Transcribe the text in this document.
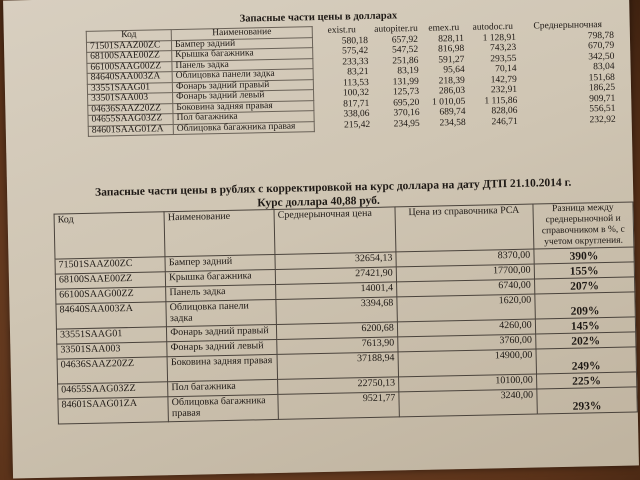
Запасные части цены в долларах
Код	Наименование	exist.ru	autopiter.ru	emex.ru	autodoc.ru	Среднерыночная
71501SAAZ00ZC	Бампер задний	580,18	657,92	828,11	1 128,91	798,78
68100SAAE00ZZ	Крышка багажника	575,42	547,52	816,98	743,23	670,79
66100SAAG00ZZ	Панель задка	233,33	251,86	591,27	293,55	342,50
84640SAA003ZA	Облицовка панели задка	83,21	83,19	95,64	70,14	83,04
33551SAAG01	Фонарь задний правый	113,53	131,99	218,39	142,79	151,68
33501SAA003	Фонарь задний левый	100,32	125,73	286,03	232,91	186,25
04636SAAZ20ZZ	Боковина задняя правая	817,71	695,20	1 010,05	1 115,86	909,71
04655SAAG03ZZ	Пол багажника	338,06	370,16	689,74	828,06	556,51
84601SAAG01ZA	Облицовка багажника правая	215,42	234,95	234,58	246,71	232,92
Запасные части цены в рублях с корректировкой на курс доллара на дату ДТП 21.10.2014 г.
Курс доллара 40,88 руб.
Код	Наименование	Среднерыночная цена	Цена из справочника РСА	Разница между среднерыночной и справочником в %, с учетом округления.
71501SAAZ00ZC	Бампер задний	32654,13	8370,00	390%
68100SAAE00ZZ	Крышка багажника	27421,90	17700,00	155%
66100SAAG00ZZ	Панель задка	14001,4	6740,00	207%
84640SAA003ZA	Облицовка панели задка	3394,68	1620,00	209%
33551SAAG01	Фонарь задний правый	6200,68	4260,00	145%
33501SAA003	Фонарь задний левый	7613,90	3760,00	202%
04636SAAZ20ZZ	Боковина задняя правая	37188,94	14900,00	249%
04655SAAG03ZZ	Пол багажника	22750,13	10100,00	225%
84601SAAG01ZA	Облицовка багажника правая	9521,77	3240,00	293%
